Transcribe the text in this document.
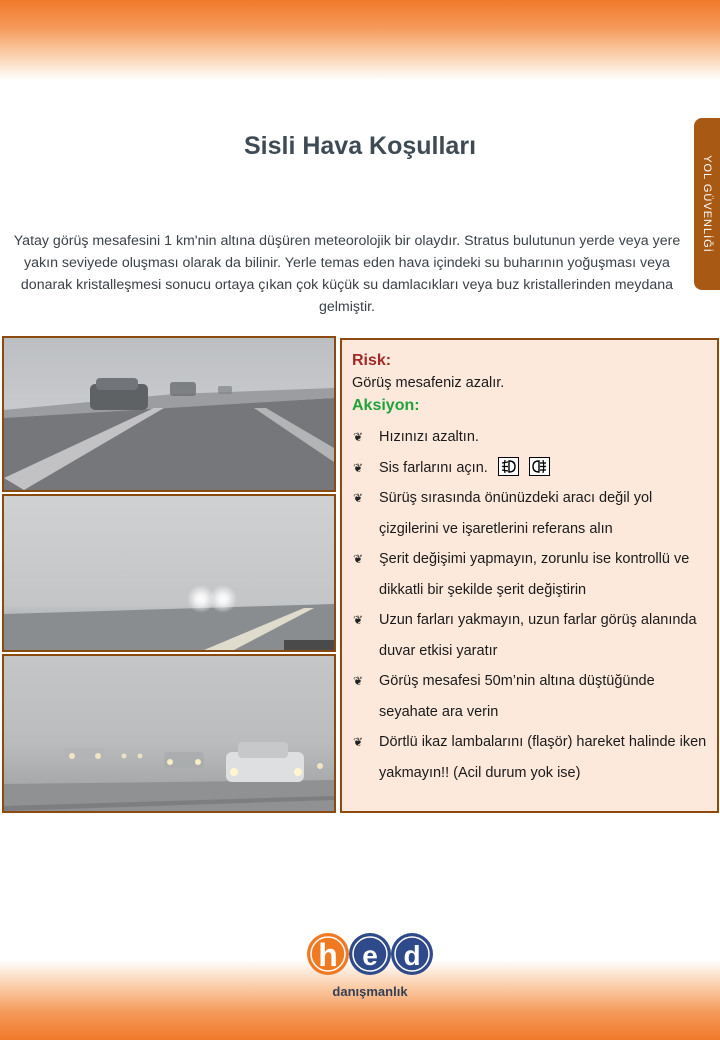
YOL GÜVENLİĞİ
Sisli Hava Koşulları

Yatay görüş mesafesini 1 km'nin altına düşüren meteorolojik bir olaydır. Stratus bulutunun yerde veya yere yakın seviyede oluşması olarak da bilinir. Yerle temas eden hava içindeki su buharının yoğuşması veya donarak kristalleşmesi sonucu ortaya çıkan çok küçük su damlacıkları veya buz kristallerinden meydana gelmiştir.

Risk:
Görüş mesafeniz azalır.
Aksiyon:
❦ Hızınızı azaltın.
❦ Sis farlarını açın.

❦ Sürüş sırasında önünüzdeki aracı değil yol çizgilerini ve işaretlerini referans alın
❦ Şerit değişimi yapmayın, zorunlu ise kontrollü ve dikkatli bir şekilde şerit değiştirin
❦ Uzun farları yakmayın, uzun farlar görüş alanında duvar etkisi yaratır
❦ Görüş mesafesi 50m’nin altına düştüğünde seyahate ara verin
❦ Dörtlü ikaz lambalarını (flaşör) hareket halinde iken yakmayın!! (Acil durum yok ise)
h e d
danışmanlık
